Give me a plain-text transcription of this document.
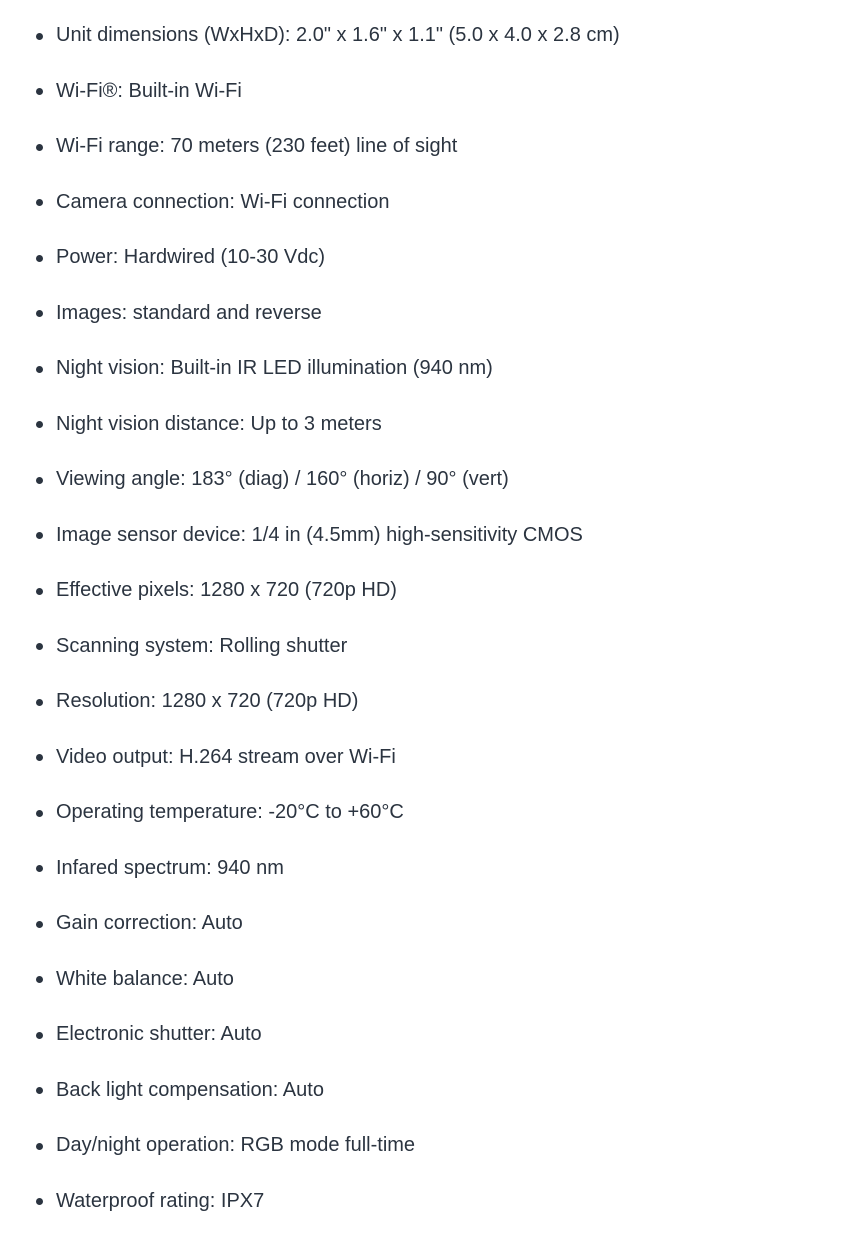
Unit dimensions (WxHxD): 2.0" x 1.6" x 1.1" (5.0 x 4.0 x 2.8 cm)
Wi-Fi®: Built-in Wi-Fi
Wi-Fi range: 70 meters (230 feet) line of sight
Camera connection: Wi-Fi connection
Power: Hardwired (10-30 Vdc)
Images: standard and reverse
Night vision: Built-in IR LED illumination (940 nm)
Night vision distance: Up to 3 meters
Viewing angle: 183° (diag) / 160° (horiz) / 90° (vert)
Image sensor device: 1/4 in (4.5mm) high-sensitivity CMOS
Effective pixels: 1280 x 720 (720p HD)
Scanning system: Rolling shutter
Resolution: 1280 x 720 (720p HD)
Video output: H.264 stream over Wi-Fi
Operating temperature: -20°C to +60°C
Infared spectrum: 940 nm
Gain correction: Auto
White balance: Auto
Electronic shutter: Auto
Back light compensation: Auto
Day/night operation: RGB mode full-time
Waterproof rating: IPX7
